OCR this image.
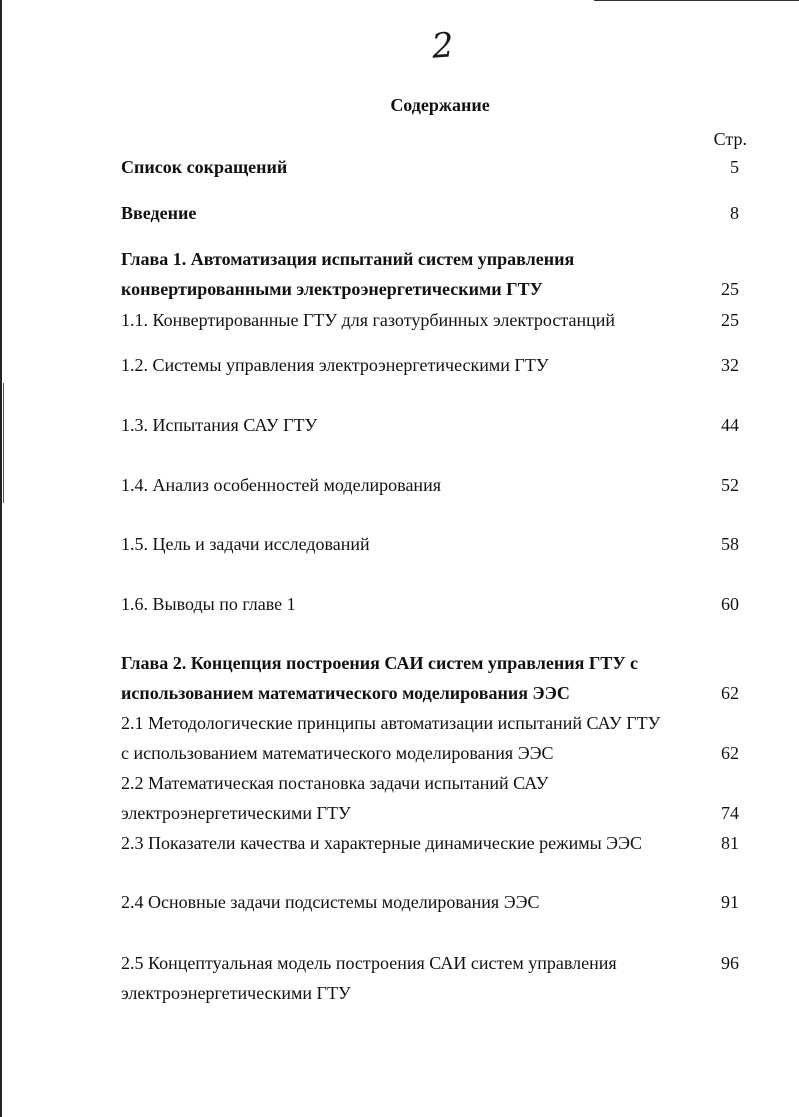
2
Содержание
Стр.
Список сокращений	5
Введение	8
Глава 1. Автоматизация испытаний систем управления
конвертированными электроэнергетическими ГТУ	25
1.1. Конвертированные ГТУ для газотурбинных электростанций	25
1.2. Системы управления электроэнергетическими ГТУ	32
1.3. Испытания САУ ГТУ	44
1.4. Анализ особенностей моделирования	52
1.5. Цель и задачи исследований	58
1.6. Выводы по главе 1	60
Глава 2. Концепция построения САИ систем управления ГТУ с
использованием математического моделирования ЭЭС	62
2.1 Методологические принципы автоматизации испытаний САУ ГТУ
с использованием математического моделирования ЭЭС	62
2.2 Математическая постановка задачи испытаний САУ
электроэнергетическими ГТУ	74
2.3 Показатели качества и характерные динамические режимы ЭЭС	81
2.4 Основные задачи подсистемы моделирования ЭЭС	91
2.5 Концептуальная модель построения САИ систем управления	96
электроэнергетическими ГТУ
